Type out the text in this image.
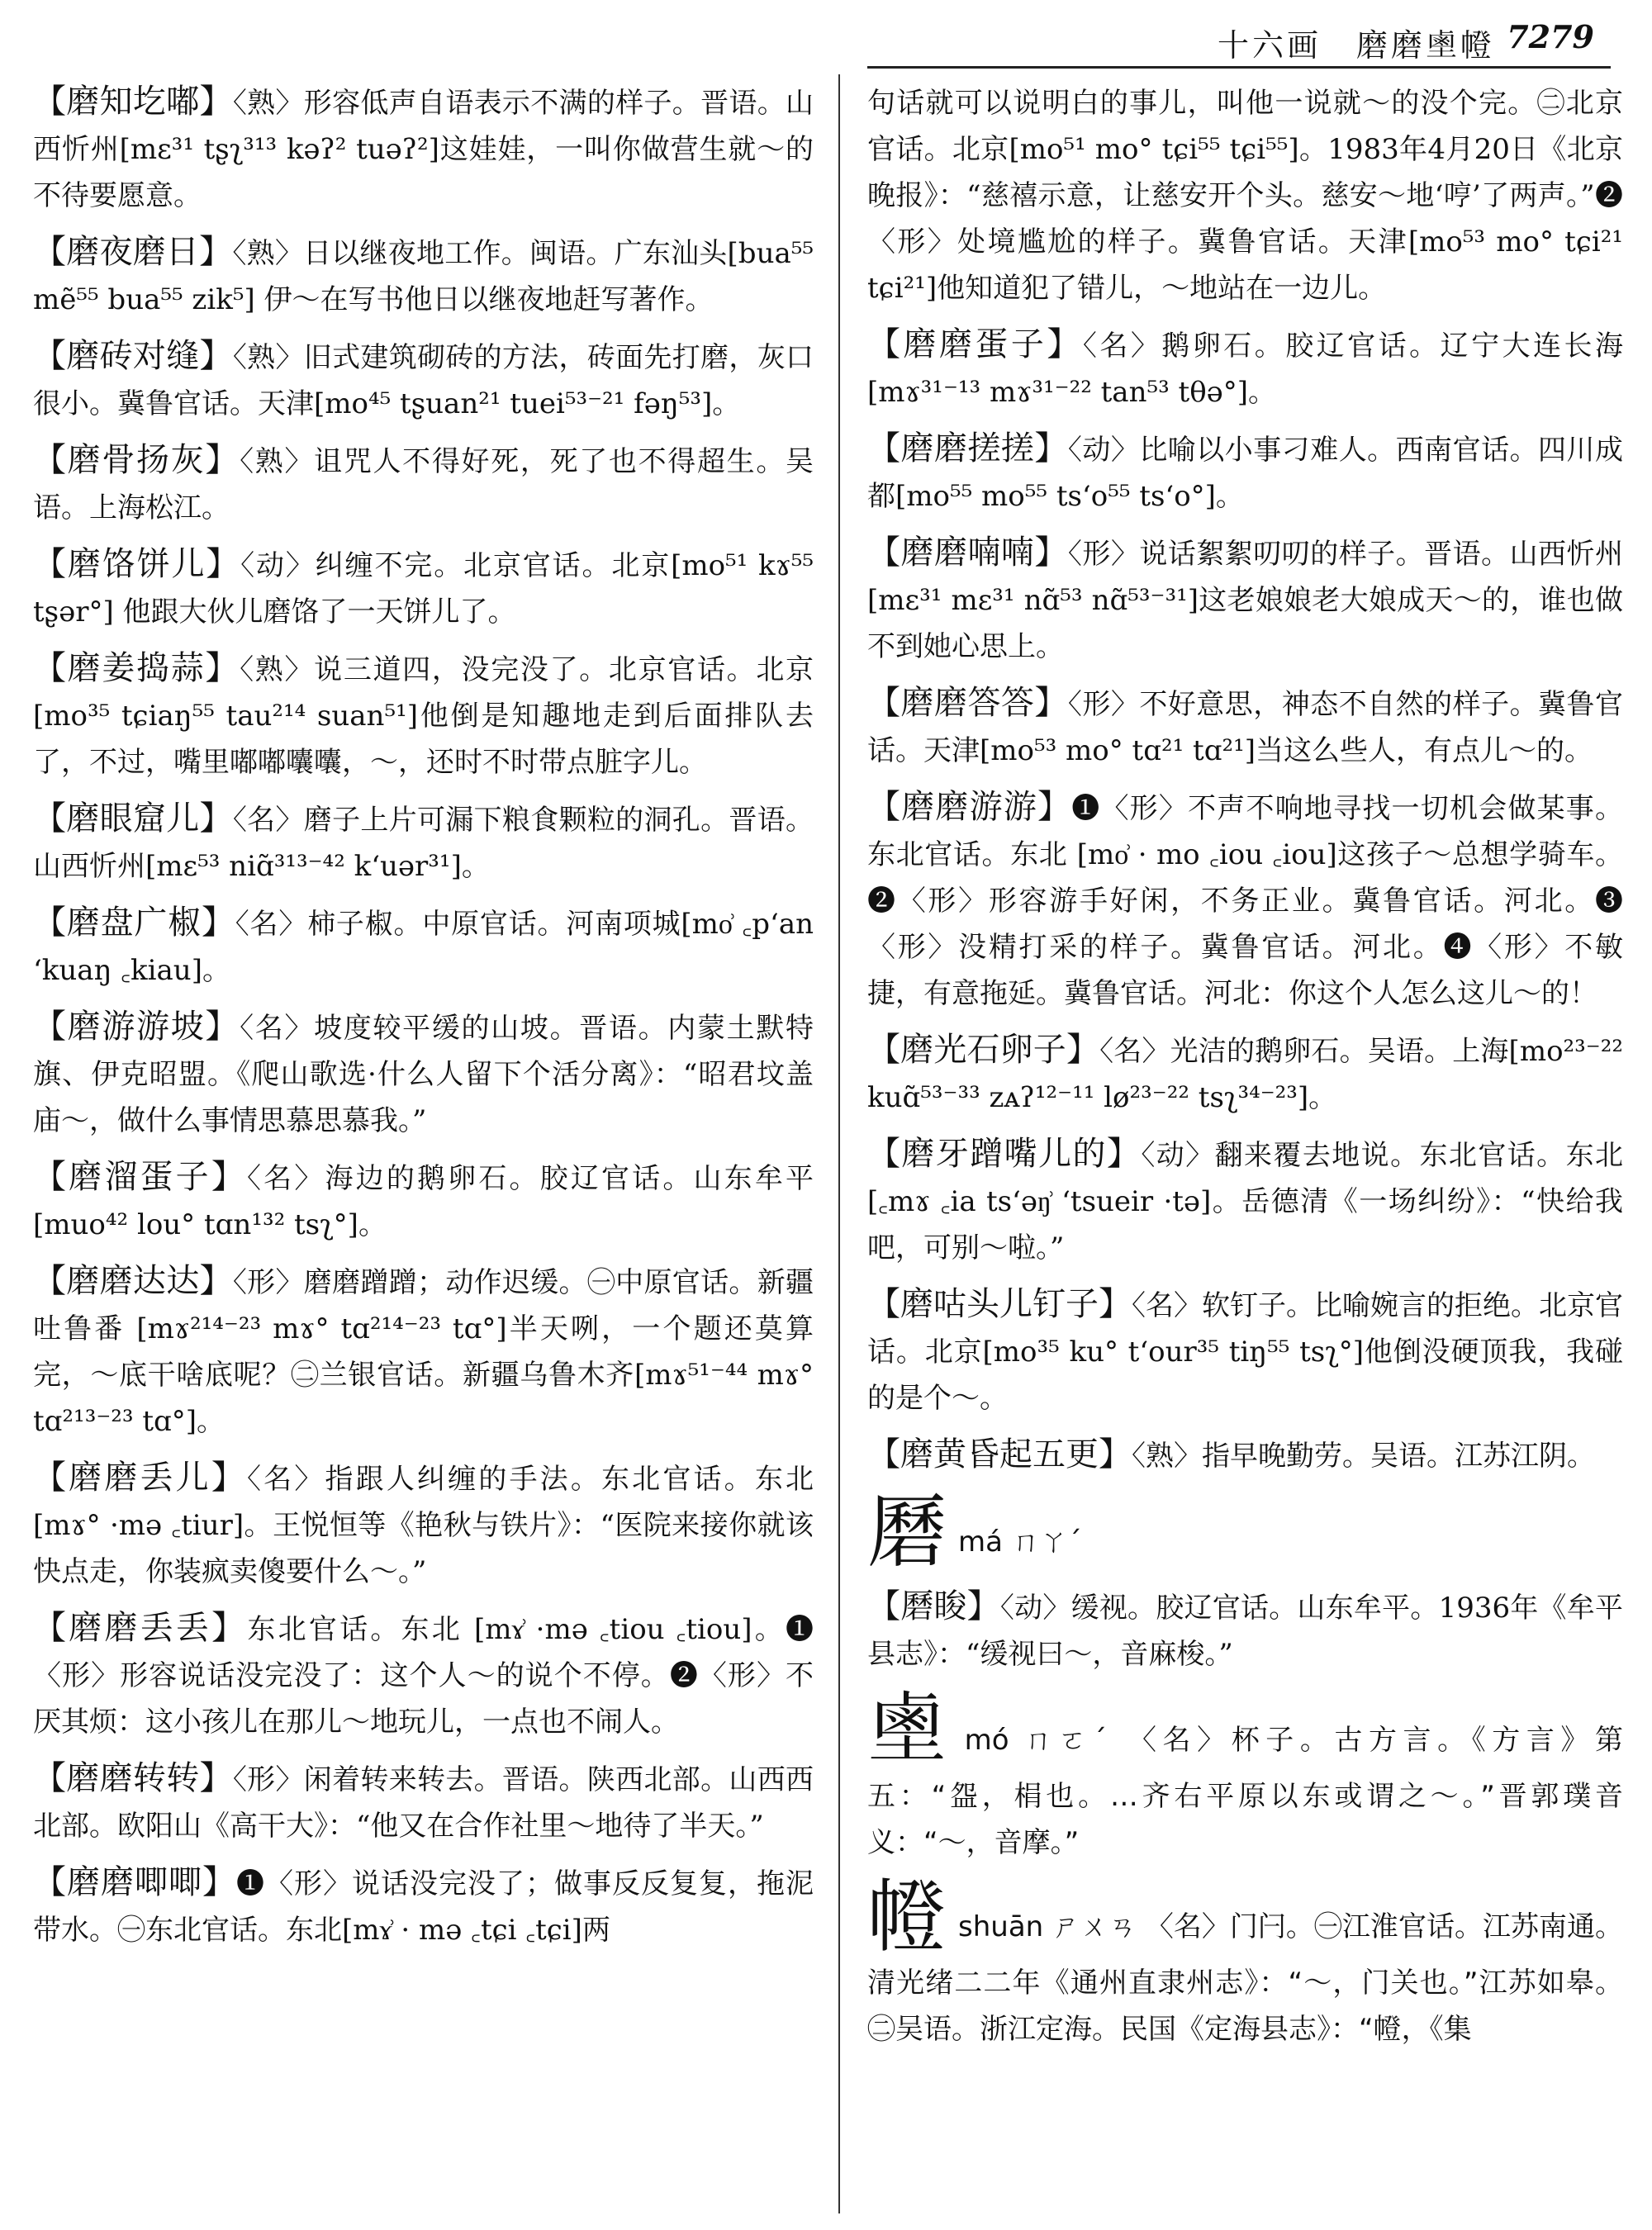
十六画　磨磨𪉖㡠 7279

【磨知圪嘟】〈熟〉形容低声自语表示不满的样子。晋语。山西忻州[mɛ³¹ tʂʅ³¹³ kəʔ² tuəʔ²]这娃娃，一叫你做营生就～的不待要愿意。

【磨夜磨日】〈熟〉日以继夜地工作。闽语。广东汕头[bua⁵⁵ mẽ⁵⁵ bua⁵⁵ zik⁵] 伊～在写书他日以继夜地赶写著作。

【磨砖对缝】〈熟〉旧式建筑砌砖的方法，砖面先打磨，灰口很小。冀鲁官话。天津[mo⁴⁵ tʂuan²¹ tuei⁵³⁻²¹ fəŋ⁵³]。

【磨骨扬灰】〈熟〉诅咒人不得好死，死了也不得超生。吴语。上海松江。

【磨饹饼儿】〈动〉纠缠不完。北京官话。北京[mo⁵¹ kɤ⁵⁵ tʂər°] 他跟大伙儿磨饹了一天饼儿了。

【磨姜捣蒜】〈熟〉说三道四，没完没了。北京官话。北京[mo³⁵ tɕiaŋ⁵⁵ tau²¹⁴ suan⁵¹]他倒是知趣地走到后面排队去了，不过，嘴里嘟嘟囔囔，～，还时不时带点脏字儿。

【磨眼窟儿】〈名〉磨子上片可漏下粮食颗粒的洞孔。晋语。山西忻州[mɛ⁵³ niɑ̃³¹³⁻⁴² k‘uər³¹]。

【磨盘广椒】〈名〉柿子椒。中原官话。河南项城[mo͗ ꜀p‘an ‘kuaŋ ꜀kiau]。

【磨游游坡】〈名〉坡度较平缓的山坡。晋语。内蒙土默特旗、伊克昭盟。《爬山歌选·什么人留下个活分离》：“昭君坟盖庙～，做什么事情思慕思慕我。”

【磨溜蛋子】〈名〉海边的鹅卵石。胶辽官话。山东牟平[muo⁴² lou° tɑn¹³² tsʅ°]。

【磨磨达达】〈形〉磨磨蹭蹭；动作迟缓。㊀中原官话。新疆吐鲁番 [mɤ²¹⁴⁻²³ mɤ° tɑ²¹⁴⁻²³ tɑ°]半天咧，一个题还莫算完，～底干啥底呢？㊁兰银官话。新疆乌鲁木齐[mɤ⁵¹⁻⁴⁴ mɤ° tɑ²¹³⁻²³ tɑ°]。

【磨磨丢儿】〈名〉指跟人纠缠的手法。东北官话。东北 [mɤ° ·mə ꜀tiur]。王悦恒等《艳秋与铁片》：“医院来接你就该快点走，你装疯卖傻要什么～。”

【磨磨丢丢】东北官话。东北 [mɤ͗ ·mə ꜀tiou ꜀tiou]。❶〈形〉形容说话没完没了：这个人～的说个不停。❷〈形〉不厌其烦：这小孩儿在那儿～地玩儿，一点也不闹人。

【磨磨转转】〈形〉闲着转来转去。晋语。陕西北部。山西西北部。欧阳山《高干大》：“他又在合作社里～地待了半天。”

【磨磨唧唧】❶〈形〉说话没完没了；做事反反复复，拖泥带水。㊀东北官话。东北[mɤ͗ · mə ꜀tɕi ꜀tɕi]两

句话就可以说明白的事儿，叫他一说就～的没个完。㊁北京官话。北京[mo⁵¹ mo° tɕi⁵⁵ tɕi⁵⁵]。1983年4月20日《北京晚报》：“慈禧示意，让慈安开个头。慈安～地‘哼’了两声。”❷〈形〉处境尴尬的样子。冀鲁官话。天津[mo⁵³ mo° tɕi²¹ tɕi²¹]他知道犯了错儿，～地站在一边儿。

【磨磨蛋子】〈名〉鹅卵石。胶辽官话。辽宁大连长海[mɤ³¹⁻¹³ mɤ³¹⁻²² tan⁵³ tθə°]。

【磨磨搓搓】〈动〉比喻以小事刁难人。西南官话。四川成都[mo⁵⁵ mo⁵⁵ ts‘o⁵⁵ ts‘o°]。

【磨磨喃喃】〈形〉说话絮絮叨叨的样子。晋语。山西忻州[mɛ³¹ mɛ³¹ nɑ̃⁵³ nɑ̃⁵³⁻³¹]这老娘娘老大娘成天～的，谁也做不到她心思上。

【磨磨答答】〈形〉不好意思，神态不自然的样子。冀鲁官话。天津[mo⁵³ mo° tɑ²¹ tɑ²¹]当这么些人，有点儿～的。

【磨磨游游】❶〈形〉不声不响地寻找一切机会做某事。东北官话。东北 [mo͗ · mo ꜀iou ꜀iou]这孩子～总想学骑车。❷〈形〉形容游手好闲，不务正业。冀鲁官话。河北。❸〈形〉没精打采的样子。冀鲁官话。河北。❹〈形〉不敏捷，有意拖延。冀鲁官话。河北：你这个人怎么这儿～的！

【磨光石卵子】〈名〉光洁的鹅卵石。吴语。上海[mo²³⁻²² kuɑ̃⁵³⁻³³ zᴀʔ¹²⁻¹¹ lø²³⁻²² tsʅ³⁴⁻²³]。

【磨牙蹭嘴儿的】〈动〉翻来覆去地说。东北官话。东北[꜀mɤ ꜀ia ts‘əŋ͗ ‘tsueir ·tə]。岳德清《一场纠纷》：“快给我吧，可别～啦。”

【磨咕头儿钉子】〈名〉软钉子。比喻婉言的拒绝。北京官话。北京[mo³⁵ ku° t‘our³⁵ tiŋ⁵⁵ tsʅ°]他倒没硬顶我，我碰的是个～。

【磨黄昏起五更】〈熟〉指早晚勤劳。吴语。江苏江阴。

磿má ㄇㄚˊ

【磿睃】〈动〉缓视。胶辽官话。山东牟平。1936年《牟平县志》：“缓视曰～，音麻梭。”

𪉖mó ㄇㄛˊ 〈名〉杯子。古方言。《方言》第五：“盌，梋也。…齐右平原以东或谓之～。”晋郭璞音义：“～，音摩。”

㡠shuān ㄕㄨㄢ 〈名〉门闩。㊀江淮官话。江苏南通。清光绪二二年《通州直隶州志》：“～，门关也。”江苏如皋。㊁吴语。浙江定海。民国《定海县志》：“㡠，《集
